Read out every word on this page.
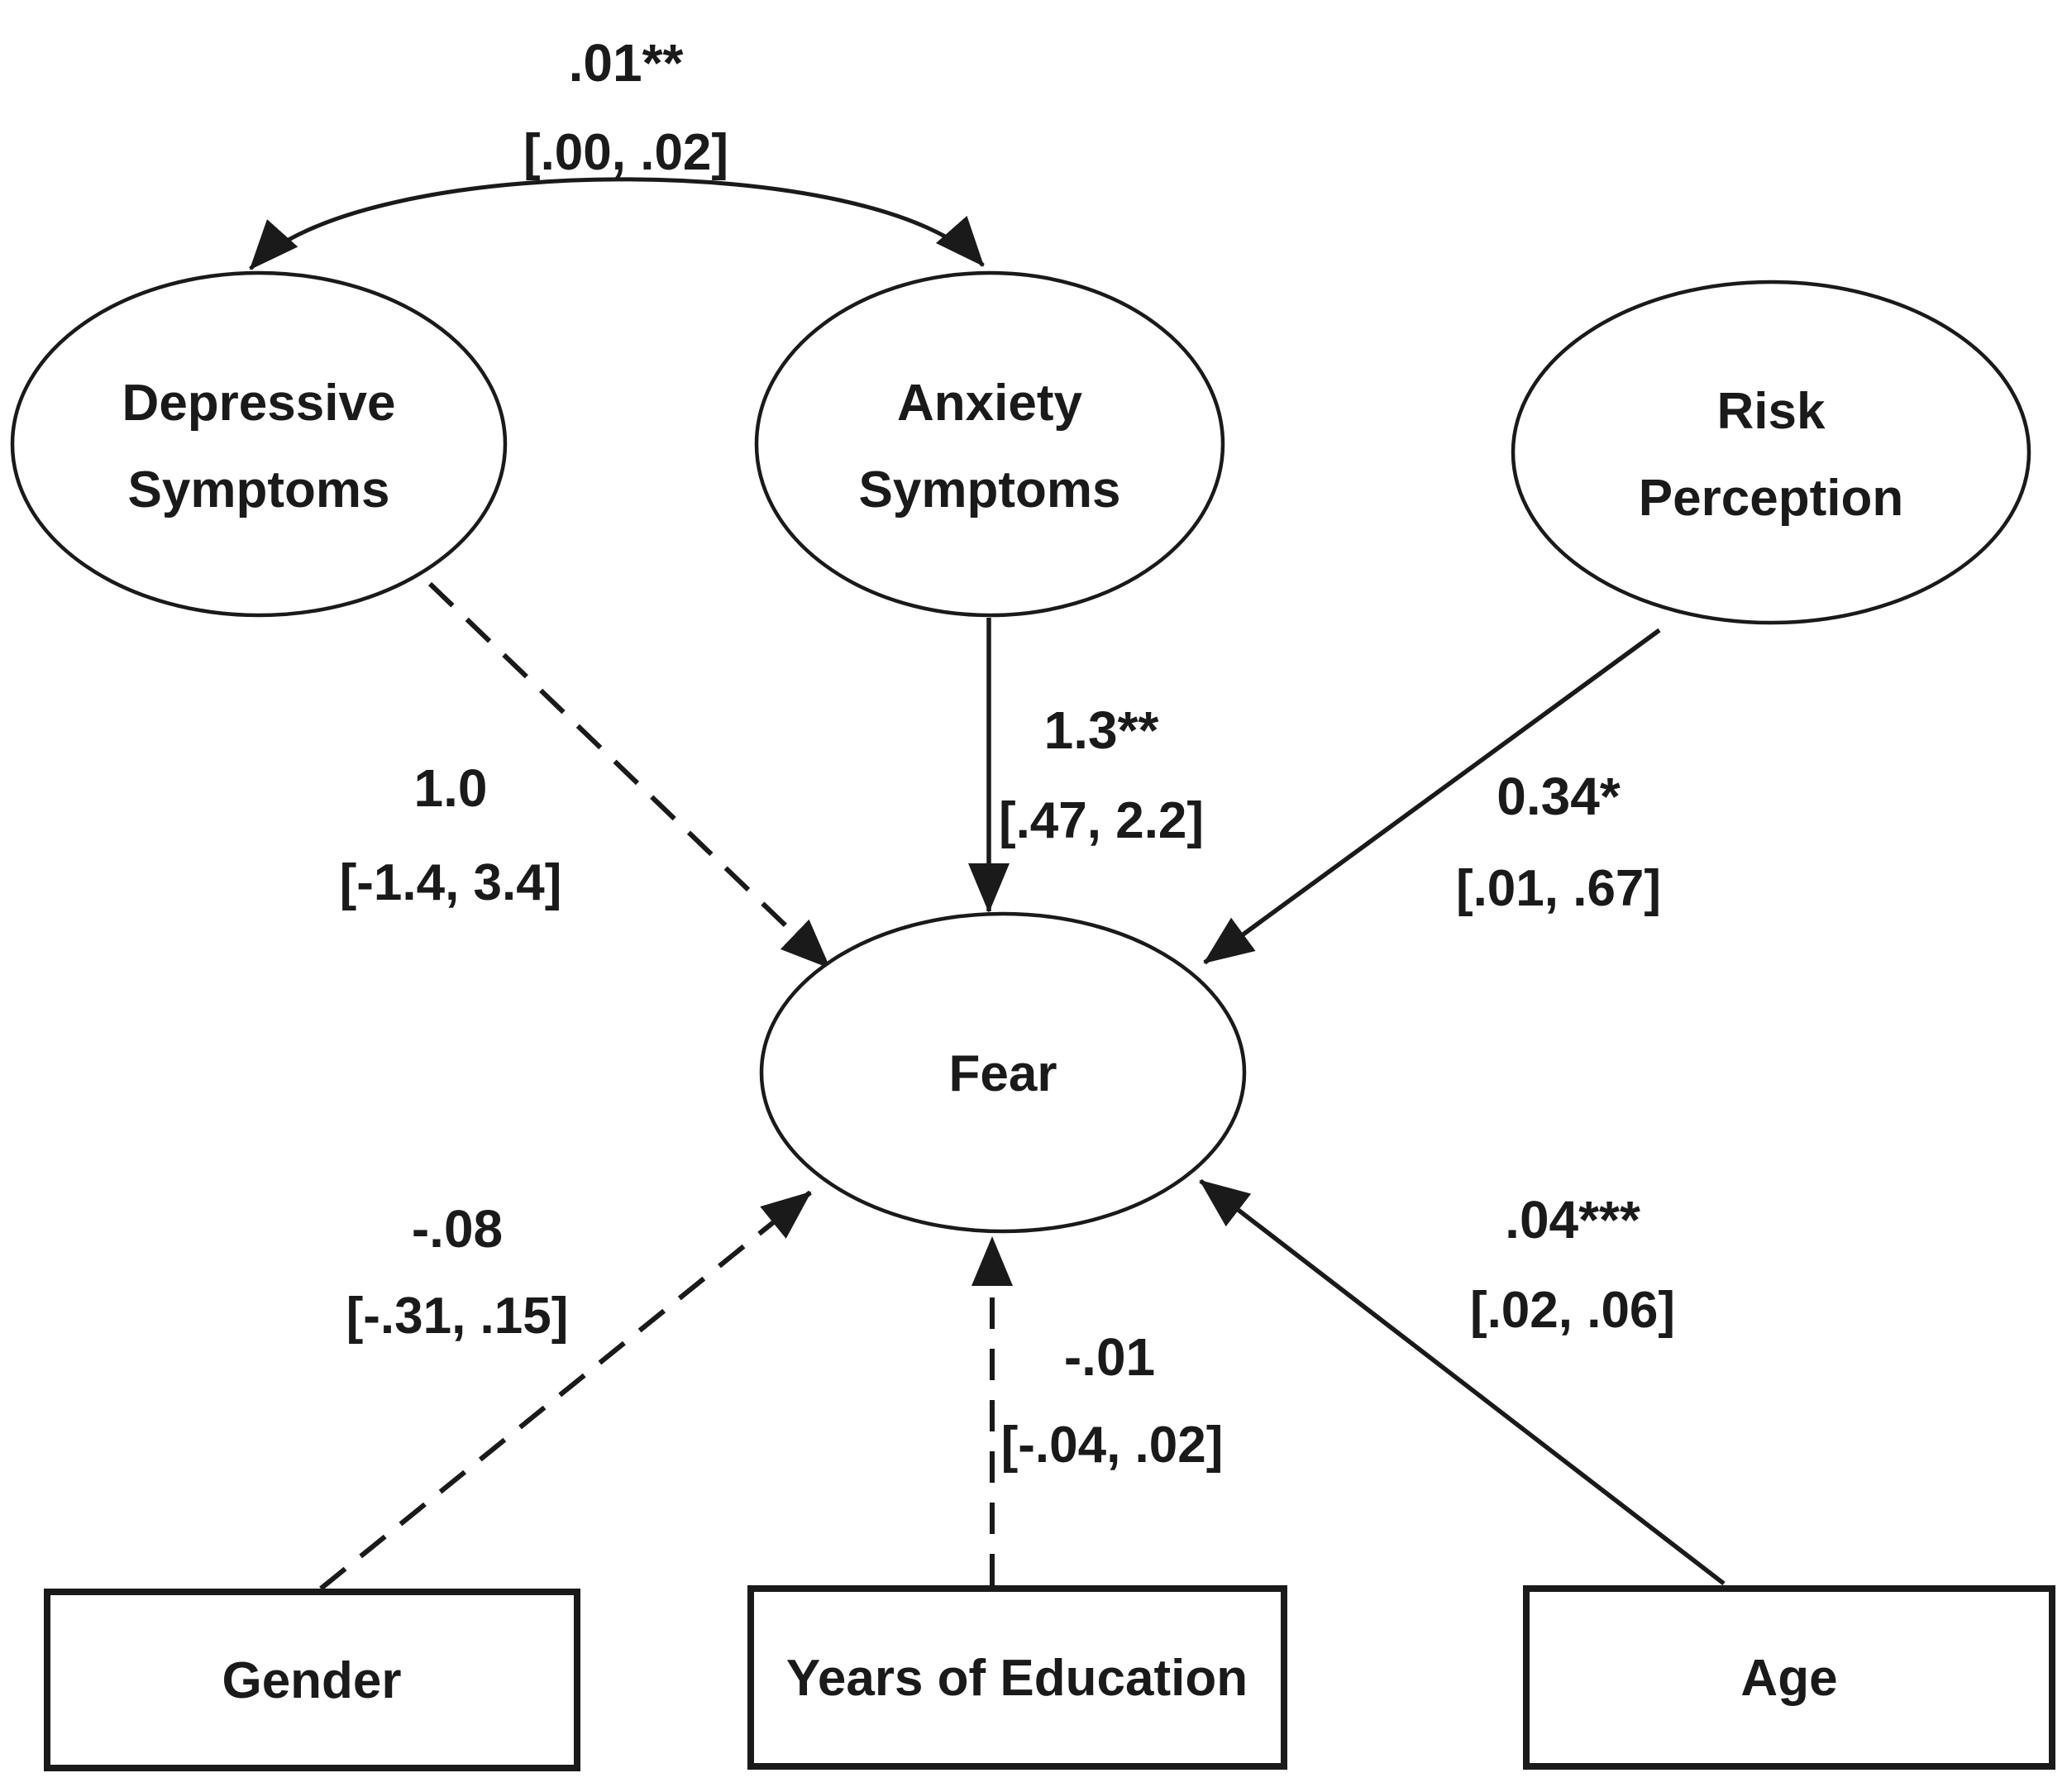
Depressive
Symptoms
Anxiety
Symptoms
Risk
Perception
Fear
Gender	Years of Education	Age
.01**
[.00, .02]
1.0
[-1.4, 3.4]
1.3**
[.47, 2.2]	0.34*
[.01, .67]
-.08
[-.31, .15]
-.01
[-.04, .02]
.04***
[.02, .06]
